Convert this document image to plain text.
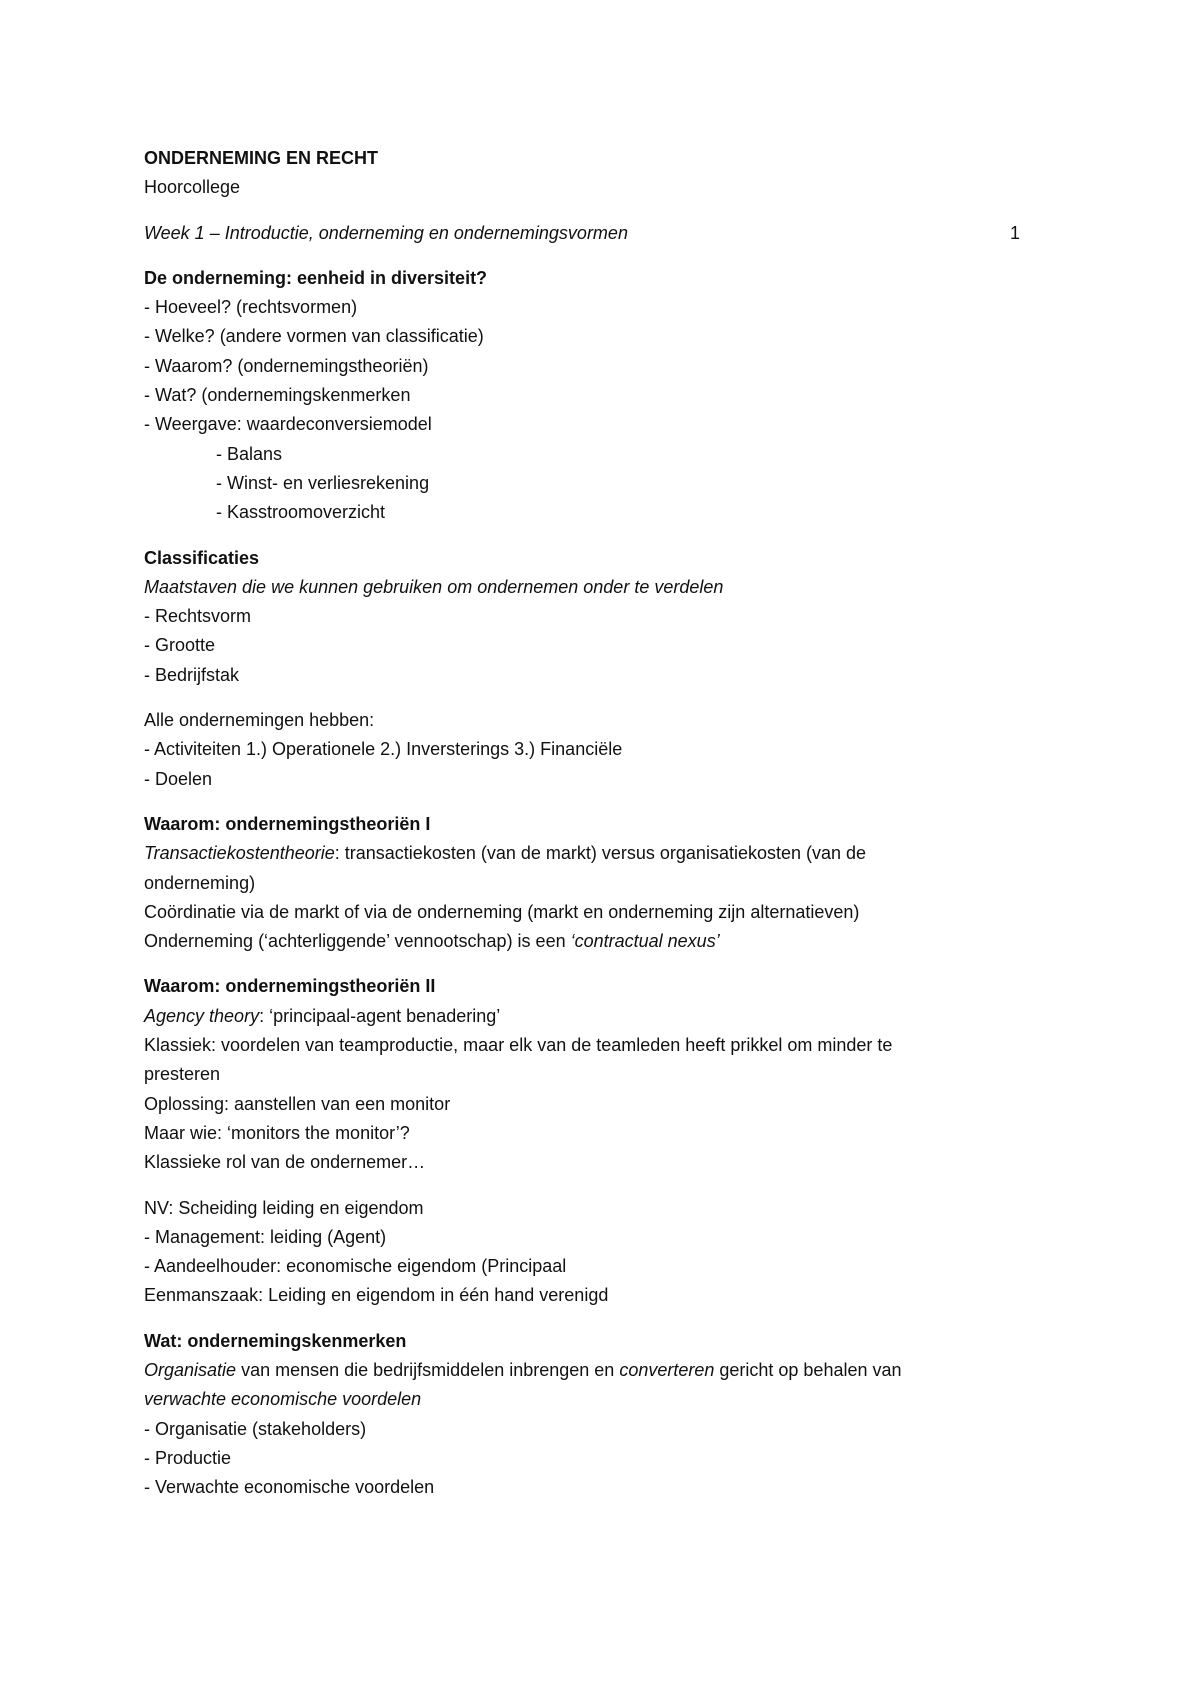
ONDERNEMING EN RECHT
Hoorcollege
Week 1 – Introductie, onderneming en ondernemingsvormen	1
De onderneming: eenheid in diversiteit?
- Hoeveel? (rechtsvormen)
- Welke? (andere vormen van classificatie)
- Waarom? (ondernemingstheoriën)
- Wat? (ondernemingskenmerken
- Weergave: waardeconversiemodel
- Balans
- Winst- en verliesrekening
- Kasstroomoverzicht
Classificaties
Maatstaven die we kunnen gebruiken om ondernemen onder te verdelen
- Rechtsvorm
- Grootte
- Bedrijfstak
Alle ondernemingen hebben:
- Activiteiten 1.) Operationele 2.) Inversterings 3.) Financiële
- Doelen
Waarom: ondernemingstheoriën I
Transactiekostentheorie: transactiekosten (van de markt) versus organisatiekosten (van de
onderneming)
Coördinatie via de markt of via de onderneming (markt en onderneming zijn alternatieven)
Onderneming (‘achterliggende’ vennootschap) is een ‘contractual nexus’
Waarom: ondernemingstheoriën II
Agency theory: ‘principaal-agent benadering’
Klassiek: voordelen van teamproductie, maar elk van de teamleden heeft prikkel om minder te
presteren
Oplossing: aanstellen van een monitor
Maar wie: ‘monitors the monitor’?
Klassieke rol van de ondernemer…
NV: Scheiding leiding en eigendom
- Management: leiding (Agent)
- Aandeelhouder: economische eigendom (Principaal
Eenmanszaak: Leiding en eigendom in één hand verenigd
Wat: ondernemingskenmerken
Organisatie van mensen die bedrijfsmiddelen inbrengen en converteren gericht op behalen van
verwachte economische voordelen
- Organisatie (stakeholders)
- Productie
- Verwachte economische voordelen
